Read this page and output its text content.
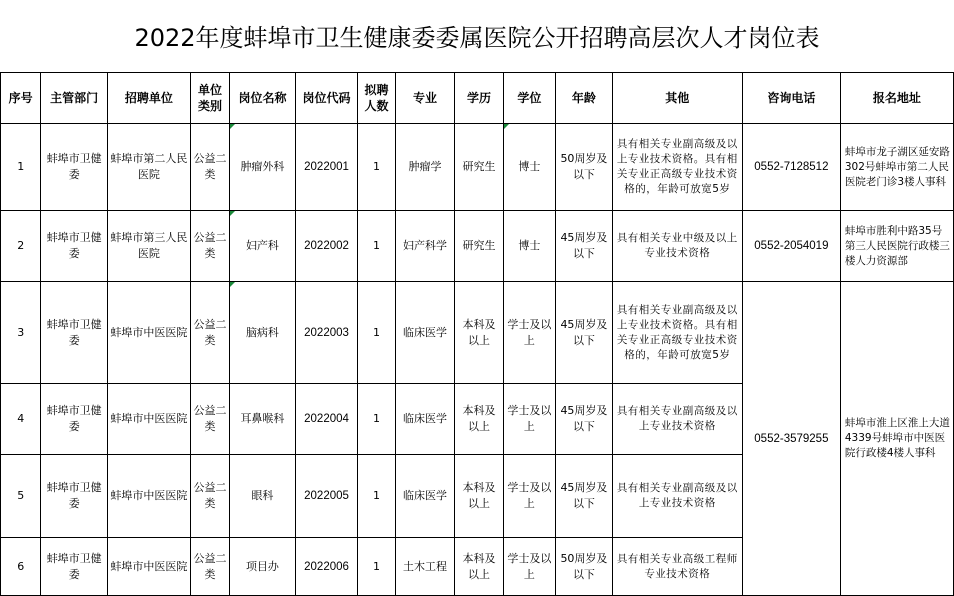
2022年度蚌埠市卫生健康委委属医院公开招聘高层次人才岗位表
序号	主管部门	招聘单位	单位类别	岗位名称	岗位代码	拟聘人数	专业	学历	学位	年龄	其他	咨询电话	报名地址
1	蚌埠市卫健委	蚌埠市第二人民医院	公益二类	肿瘤外科	2022001	1	肿瘤学	研究生	博士	50周岁及以下	具有相关专业副高级及以上专业技术资格。具有相关专业正高级专业技术资格的，年龄可放宽5岁	0552-7128512	蚌埠市龙子湖区延安路302号蚌埠市第二人民医院老门诊3楼人事科
2	蚌埠市卫健委	蚌埠市第三人民医院	公益二类	妇产科	2022002	1	妇产科学	研究生	博士	45周岁及以下	具有相关专业中级及以上专业技术资格	0552-2054019	蚌埠市胜利中路35号第三人民医院行政楼三楼人力资源部
3	蚌埠市卫健委	蚌埠市中医医院	公益二类	脑病科	2022003	1	临床医学	本科及以上	学士及以上	45周岁及以下	具有相关专业副高级及以上专业技术资格。具有相关专业正高级专业技术资格的，年龄可放宽5岁	0552-3579255	蚌埠市淮上区淮上大道4339号蚌埠市中医医院行政楼4楼人事科
4	蚌埠市卫健委	蚌埠市中医医院	公益二类	耳鼻喉科	2022004	1	临床医学	本科及以上	学士及以上	45周岁及以下	具有相关专业副高级及以上专业技术资格		
5	蚌埠市卫健委	蚌埠市中医医院	公益二类	眼科	2022005	1	临床医学	本科及以上	学士及以上	45周岁及以下	具有相关专业副高级及以上专业技术资格		
6	蚌埠市卫健委	蚌埠市中医医院	公益二类	项目办	2022006	1	土木工程	本科及以上	学士及以上	50周岁及以下	具有相关专业高级工程师专业技术资格		
